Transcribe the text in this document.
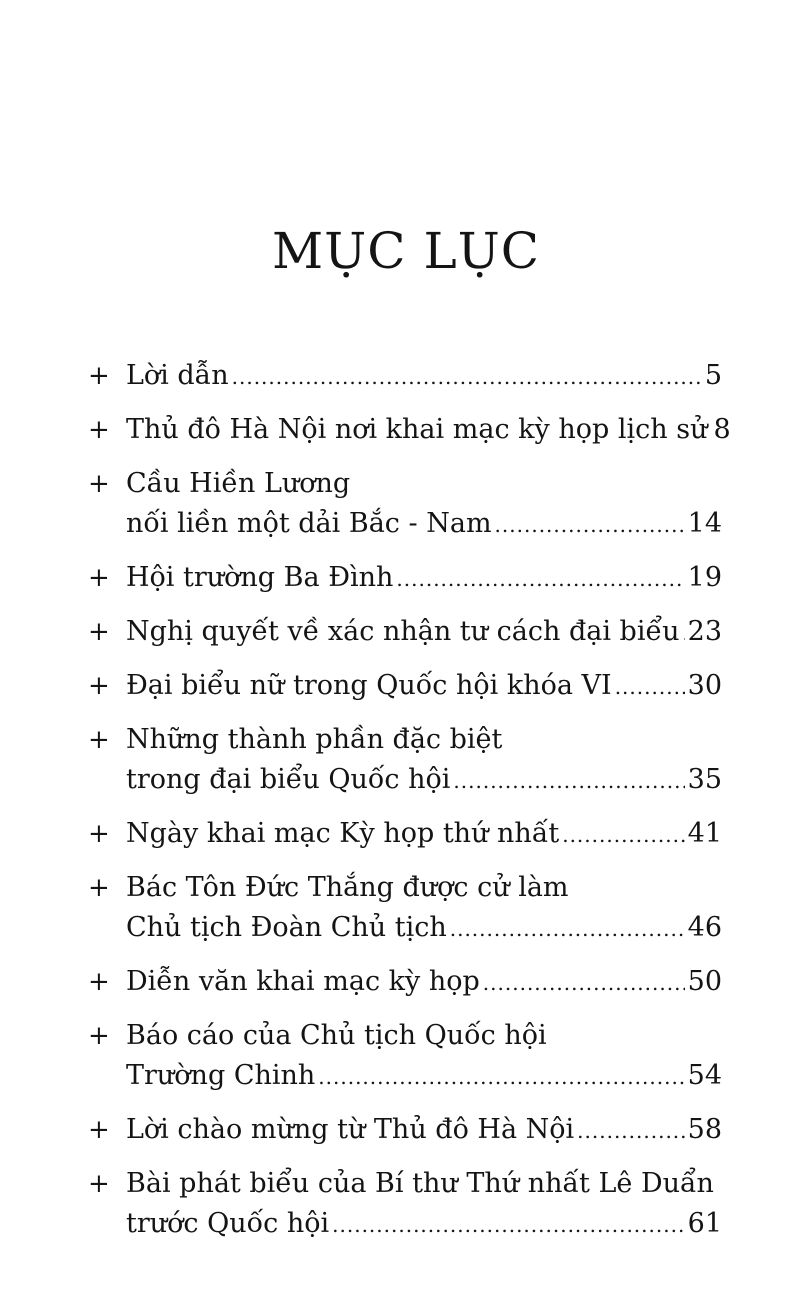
MỤC LỤC
+ Lời dẫn .....	5
+ Thủ đô Hà Nội nơi khai mạc kỳ họp lịch sử 8
+ Cầu Hiền Lương
nối liền một dải Bắc - Nam .....	14
+ Hội trường Ba Đình .....	19
+ Nghị quyết về xác nhận tư cách đại biểu ..... 23
+ Đại biểu nữ trong Quốc hội khóa VI .....	30
+ Những thành phần đặc biệt
trong đại biểu Quốc hội .....	35
+ Ngày khai mạc Kỳ họp thứ nhất .....	41
+ Bác Tôn Đức Thắng được cử làm
Chủ tịch Đoàn Chủ tịch .....	46
+ Diễn văn khai mạc kỳ họp .....	50
+ Báo cáo của Chủ tịch Quốc hội
Trường Chinh .....	54
+ Lời chào mừng từ Thủ đô Hà Nội .....	58
+ Bài phát biểu của Bí thư Thứ nhất Lê Duẩn
trước Quốc hội .....	61
